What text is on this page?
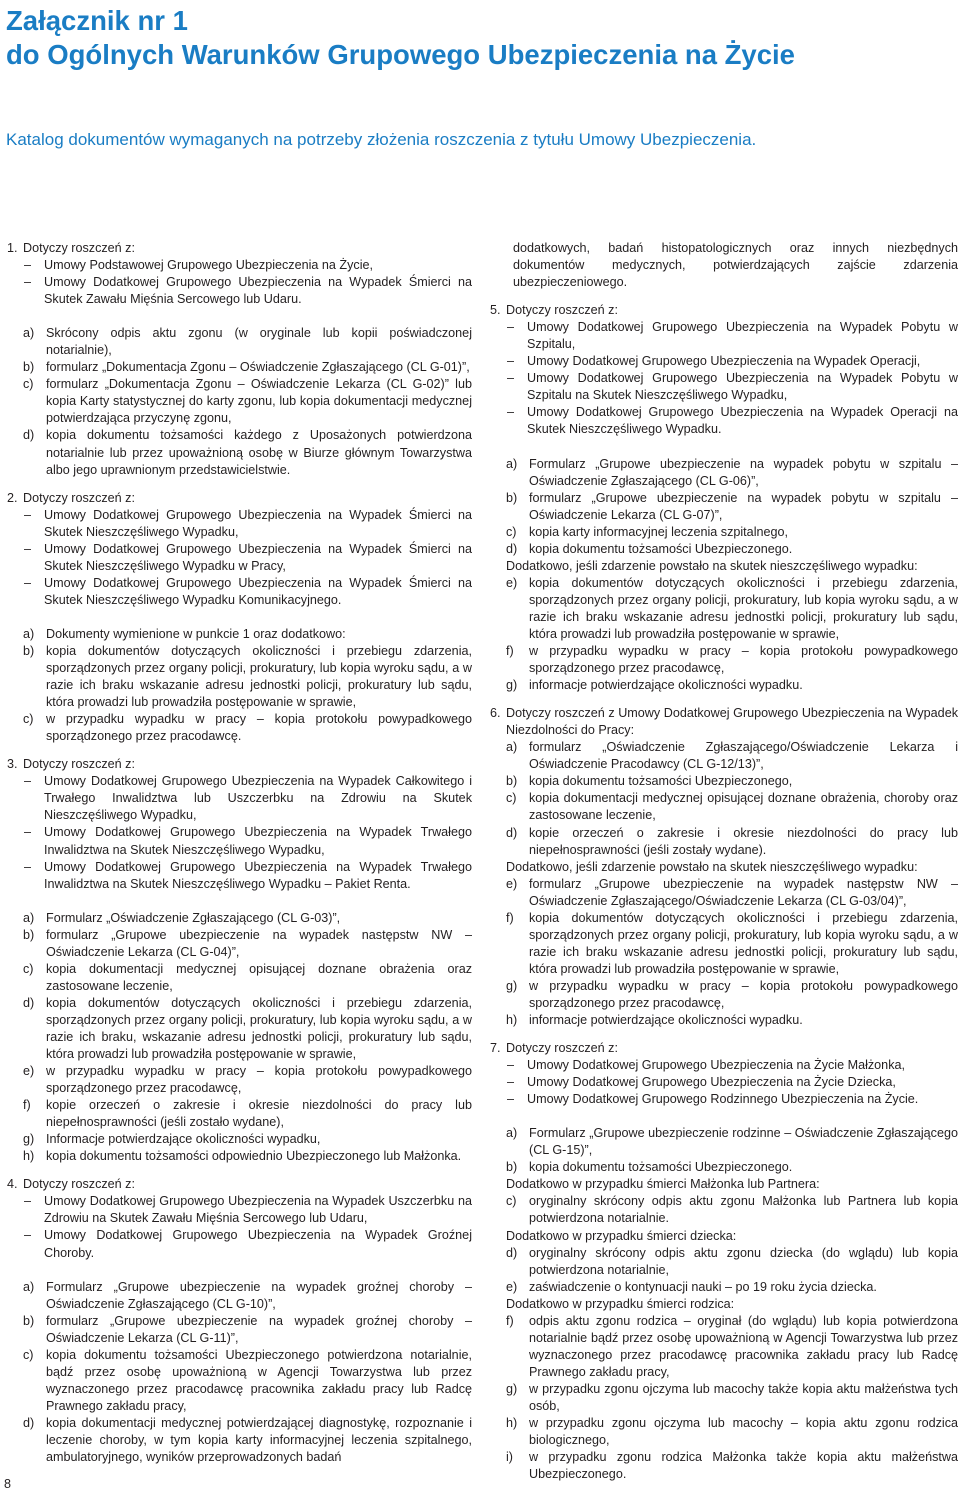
Załącznik nr 1
do Ogólnych Warunków Grupowego Ubezpieczenia na Życie
Katalog dokumentów wymaganych na potrzeby złożenia roszczenia z tytułu Umowy Ubezpieczenia.
1. Dotyczy roszczeń z:
– Umowy Podstawowej Grupowego Ubezpieczenia na Życie,
– Umowy Dodatkowej Grupowego Ubezpieczenia na Wypadek Śmierci na Skutek Zawału Mięśnia Sercowego lub Udaru.
a) Skrócony odpis aktu zgonu (w oryginale lub kopii poświadczonej notarialnie),
b) formularz „Dokumentacja Zgonu – Oświadczenie Zgłaszającego (CL G-01)”,
c) formularz „Dokumentacja Zgonu – Oświadczenie Lekarza (CL G-02)” lub kopia Karty statystycznej do karty zgonu, lub kopia dokumentacji medycznej potwierdzająca przyczynę zgonu,
d) kopia dokumentu tożsamości każdego z Uposażonych potwierdzona notarialnie lub przez upoważnioną osobę w Biurze głównym Towarzystwa albo jego uprawnionym przedstawicielstwie.
2. Dotyczy roszczeń z:
– Umowy Dodatkowej Grupowego Ubezpieczenia na Wypadek Śmierci na Skutek Nieszczęśliwego Wypadku,
– Umowy Dodatkowej Grupowego Ubezpieczenia na Wypadek Śmierci na Skutek Nieszczęśliwego Wypadku w Pracy,
– Umowy Dodatkowej Grupowego Ubezpieczenia na Wypadek Śmierci na Skutek Nieszczęśliwego Wypadku Komunikacyjnego.
a) Dokumenty wymienione w punkcie 1 oraz dodatkowo:
b) kopia dokumentów dotyczących okoliczności i przebiegu zdarzenia, sporządzonych przez organy policji, prokuratury, lub kopia wyroku sądu, a w razie ich braku wskazanie adresu jednostki policji, prokuratury lub sądu, która prowadzi lub prowadziła postępowanie w sprawie,
c) w przypadku wypadku w pracy – kopia protokołu powypadkowego sporządzonego przez pracodawcę.
3. Dotyczy roszczeń z:
– Umowy Dodatkowej Grupowego Ubezpieczenia na Wypadek Całkowitego i Trwałego Inwalidztwa lub Uszczerbku na Zdrowiu na Skutek Nieszczęśliwego Wypadku,
– Umowy Dodatkowej Grupowego Ubezpieczenia na Wypadek Trwałego Inwalidztwa na Skutek Nieszczęśliwego Wypadku,
– Umowy Dodatkowej Grupowego Ubezpieczenia na Wypadek Trwałego Inwalidztwa na Skutek Nieszczęśliwego Wypadku – Pakiet Renta.
a) Formularz „Oświadczenie Zgłaszającego (CL G-03)”,
b) formularz „Grupowe ubezpieczenie na wypadek następstw NW – Oświadczenie Lekarza (CL G-04)”,
c) kopia dokumentacji medycznej opisującej doznane obrażenia oraz zastosowane leczenie,
d) kopia dokumentów dotyczących okoliczności i przebiegu zdarzenia, sporządzonych przez organy policji, prokuratury, lub kopia wyroku sądu, a w razie ich braku, wskazanie adresu jednostki policji, prokuratury lub sądu, która prowadzi lub prowadziła postępowanie w sprawie,
e) w przypadku wypadku w pracy – kopia protokołu powypadkowego sporządzonego przez pracodawcę,
f) kopie orzeczeń o zakresie i okresie niezdolności do pracy lub niepełnosprawności (jeśli zostało wydane),
g) Informacje potwierdzające okoliczności wypadku,
h) kopia dokumentu tożsamości odpowiednio Ubezpieczonego lub Małżonka.
4. Dotyczy roszczeń z:
– Umowy Dodatkowej Grupowego Ubezpieczenia na Wypadek Uszczerbku na Zdrowiu na Skutek Zawału Mięśnia Sercowego lub Udaru,
– Umowy Dodatkowej Grupowego Ubezpieczenia na Wypadek Groźnej Choroby.
a) Formularz „Grupowe ubezpieczenie na wypadek groźnej choroby – Oświadczenie Zgłaszającego (CL G-10)”,
b) formularz „Grupowe ubezpieczenie na wypadek groźnej choroby – Oświadczenie Lekarza (CL G-11)”,
c) kopia dokumentu tożsamości Ubezpieczonego potwierdzona notarialnie, bądź przez osobę upoważnioną w Agencji Towarzystwa lub przez wyznaczonego przez pracodawcę pracownika zakładu pracy lub Radcę Prawnego zakładu pracy,
d) kopia dokumentacji medycznej potwierdzającej diagnostykę, rozpoznanie i leczenie choroby, w tym kopia karty informacyjnej leczenia szpitalnego, ambulatoryjnego, wyników przeprowadzonych badań
dodatkowych, badań histopatologicznych oraz innych niezbędnych dokumentów medycznych, potwierdzających zajście zdarzenia ubezpieczeniowego.
5. Dotyczy roszczeń z:
– Umowy Dodatkowej Grupowego Ubezpieczenia na Wypadek Pobytu w Szpitalu,
– Umowy Dodatkowej Grupowego Ubezpieczenia na Wypadek Operacji,
– Umowy Dodatkowej Grupowego Ubezpieczenia na Wypadek Pobytu w Szpitalu na Skutek Nieszczęśliwego Wypadku,
– Umowy Dodatkowej Grupowego Ubezpieczenia na Wypadek Operacji na Skutek Nieszczęśliwego Wypadku.
a) Formularz „Grupowe ubezpieczenie na wypadek pobytu w szpitalu – Oświadczenie Zgłaszającego (CL G-06)”,
b) formularz „Grupowe ubezpieczenie na wypadek pobytu w szpitalu – Oświadczenie Lekarza (CL G-07)”,
c) kopia karty informacyjnej leczenia szpitalnego,
d) kopia dokumentu tożsamości Ubezpieczonego.
Dodatkowo, jeśli zdarzenie powstało na skutek nieszczęśliwego wypadku:
e) kopia dokumentów dotyczących okoliczności i przebiegu zdarzenia, sporządzonych przez organy policji, prokuratury, lub kopia wyroku sądu, a w razie ich braku wskazanie adresu jednostki policji, prokuratury lub sądu, która prowadzi lub prowadziła postępowanie w sprawie,
f) w przypadku wypadku w pracy – kopia protokołu powypadkowego sporządzonego przez pracodawcę,
g) informacje potwierdzające okoliczności wypadku.
6. Dotyczy roszczeń z Umowy Dodatkowej Grupowego Ubezpieczenia na Wypadek Niezdolności do Pracy:
a) formularz „Oświadczenie Zgłaszającego/Oświadczenie Lekarza i Oświadczenie Pracodawcy (CL G-12/13)”,
b) kopia dokumentu tożsamości Ubezpieczonego,
c) kopia dokumentacji medycznej opisującej doznane obrażenia, choroby oraz zastosowane leczenie,
d) kopie orzeczeń o zakresie i okresie niezdolności do pracy lub niepełnosprawności (jeśli zostały wydane).
Dodatkowo, jeśli zdarzenie powstało na skutek nieszczęśliwego wypadku:
e) formularz „Grupowe ubezpieczenie na wypadek następstw NW – Oświadczenie Zgłaszającego/Oświadczenie Lekarza (CL G-03/04)”,
f) kopia dokumentów dotyczących okoliczności i przebiegu zdarzenia, sporządzonych przez organy policji, prokuratury, lub kopia wyroku sądu, a w razie ich braku wskazanie adresu jednostki policji, prokuratury lub sądu, która prowadzi lub prowadziła postępowanie w sprawie,
g) w przypadku wypadku w pracy – kopia protokołu powypadkowego sporządzonego przez pracodawcę,
h) informacje potwierdzające okoliczności wypadku.
7. Dotyczy roszczeń z:
– Umowy Dodatkowej Grupowego Ubezpieczenia na Życie Małżonka,
– Umowy Dodatkowej Grupowego Ubezpieczenia na Życie Dziecka,
– Umowy Dodatkowej Grupowego Rodzinnego Ubezpieczenia na Życie.
a) Formularz „Grupowe ubezpieczenie rodzinne – Oświadczenie Zgłaszającego (CL G-15)”,
b) kopia dokumentu tożsamości Ubezpieczonego.
Dodatkowo w przypadku śmierci Małżonka lub Partnera:
c) oryginalny skrócony odpis aktu zgonu Małżonka lub Partnera lub kopia potwierdzona notarialnie.
Dodatkowo w przypadku śmierci dziecka:
d) oryginalny skrócony odpis aktu zgonu dziecka (do wglądu) lub kopia potwierdzona notarialnie,
e) zaświadczenie o kontynuacji nauki – po 19 roku życia dziecka.
Dodatkowo w przypadku śmierci rodzica:
f) odpis aktu zgonu rodzica – oryginał (do wglądu) lub kopia potwierdzona notarialnie bądź przez osobę upoważnioną w Agencji Towarzystwa lub przez wyznaczonego przez pracodawcę pracownika zakładu pracy lub Radcę Prawnego zakładu pracy,
g) w przypadku zgonu ojczyma lub macochy także kopia aktu małżeństwa tych osób,
h) w przypadku zgonu ojczyma lub macochy – kopia aktu zgonu rodzica biologicznego,
i) w przypadku zgonu rodzica Małżonka także kopia aktu małżeństwa Ubezpieczonego.
8
